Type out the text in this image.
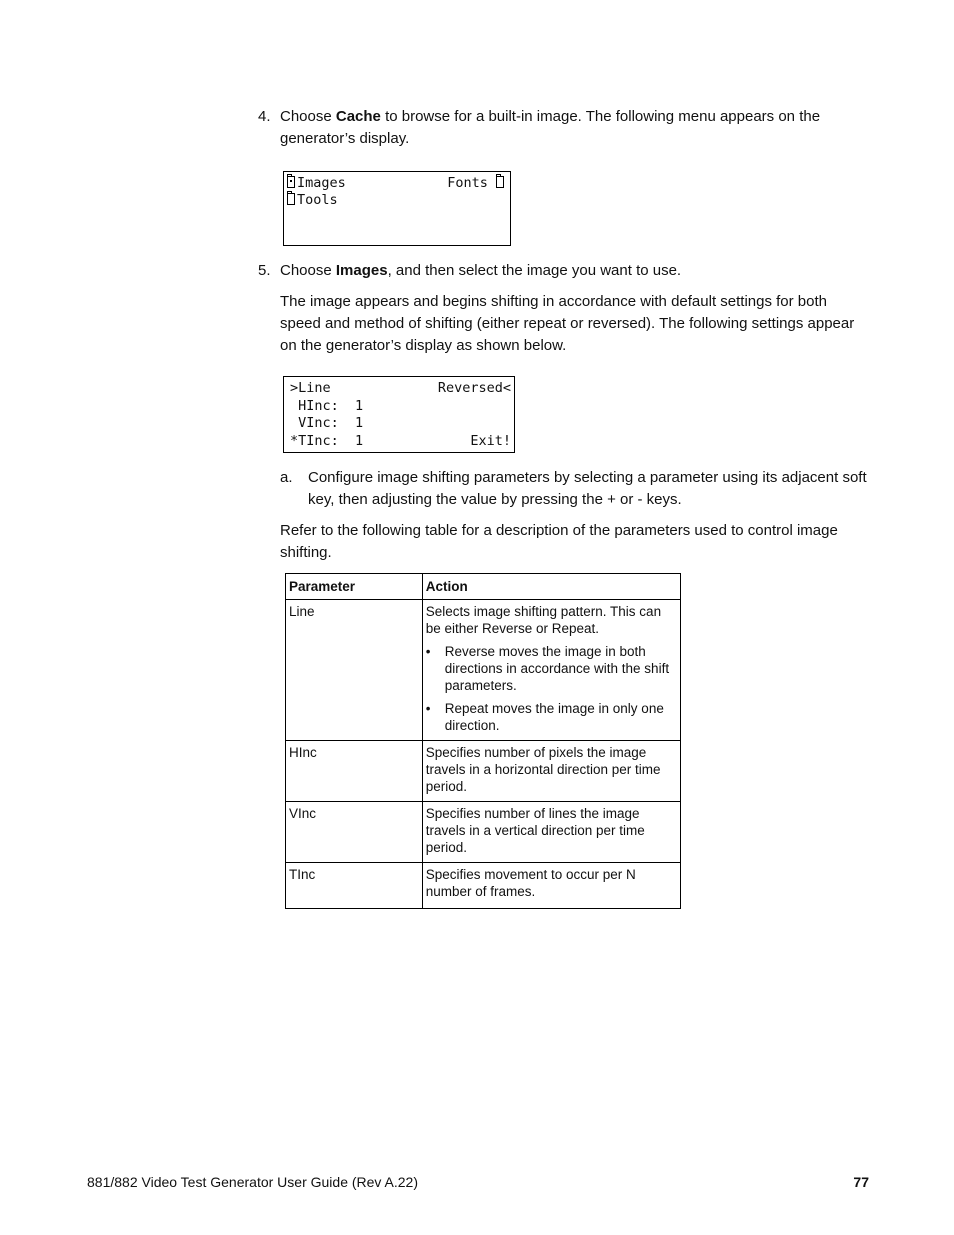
4. Choose Cache to browse for a built-in image. The following menu appears on the generator’s display.
Images	Fonts
Tools
5. Choose Images, and then select the image you want to use.
The image appears and begins shifting in accordance with default settings for both speed and method of shifting (either repeat or reversed). The following settings appear on the generator’s display as shown below.
>Line	Reversed<
HInc:  1
VInc:  1
*TInc:  1	Exit!
a.	Configure image shifting parameters by selecting a parameter using its adjacent soft key, then adjusting the value by pressing the + or - keys.
Refer to the following table for a description of the parameters used to control image shifting.
Parameter	Action
Line	Selects image shifting pattern. This can be either Reverse or Repeat.
• Reverse moves the image in both directions in accordance with the shift parameters.
• Repeat moves the image in only one direction.

HInc	Specifies number of pixels the image travels in a horizontal direction per time period.
VInc	Specifies number of lines the image travels in a vertical direction per time period.
TInc	Specifies movement to occur per N number of frames.
881/882 Video Test Generator User Guide (Rev A.22)	77
